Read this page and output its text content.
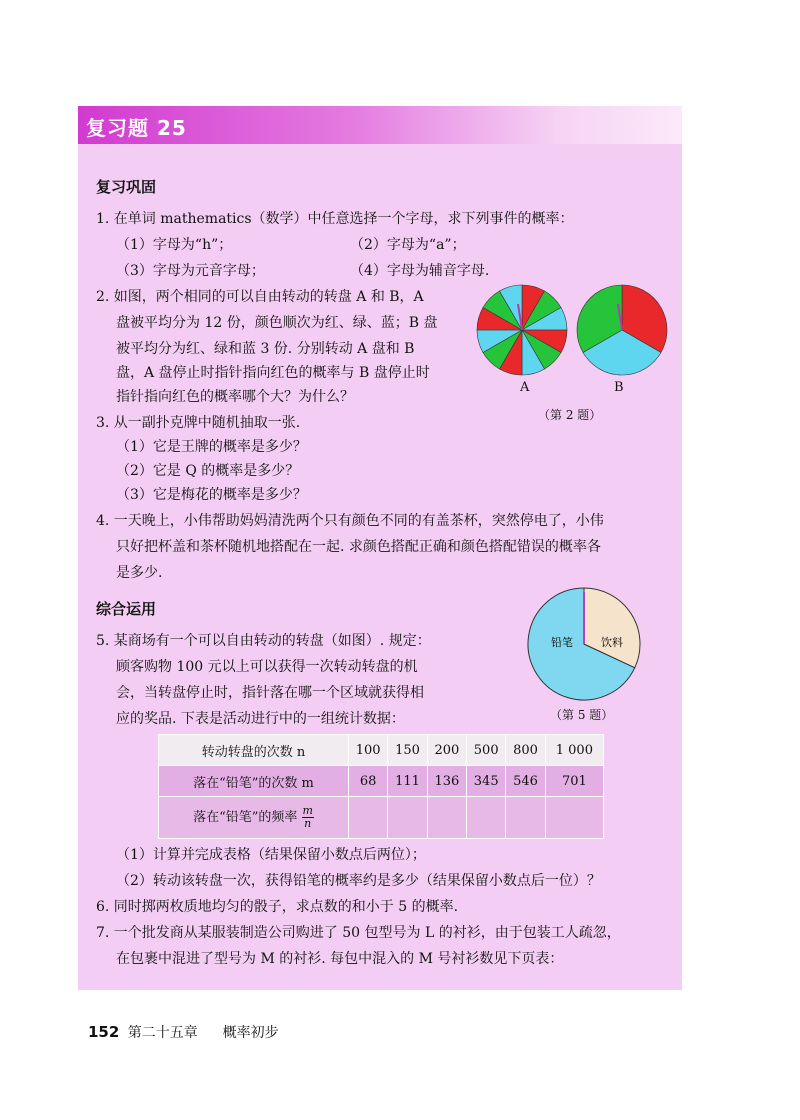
复习题 25
复习巩固
1. 在单词 mathematics（数学）中任意选择一个字母，求下列事件的概率：
（1）字母为“h”；	（2）字母为“a”；
（3）字母为元音字母；	（4）字母为辅音字母.
2. 如图，两个相同的可以自由转动的转盘 A 和 B，A
盘被平均分为 12 份，颜色顺次为红、绿、蓝；B 盘
被平均分为红、绿和蓝 3 份. 分别转动 A 盘和 B
盘，A 盘停止时指针指向红色的概率与 B 盘停止时
指针指向红色的概率哪个大？为什么？
A	B
（第 2 题）
3. 从一副扑克牌中随机抽取一张.
（1）它是王牌的概率是多少？
（2）它是 Q 的概率是多少？
（3）它是梅花的概率是多少？
4. 一天晚上，小伟帮助妈妈清洗两个只有颜色不同的有盖茶杯，突然停电了，小伟
只好把杯盖和茶杯随机地搭配在一起. 求颜色搭配正确和颜色搭配错误的概率各
是多少.
综合运用
5. 某商场有一个可以自由转动的转盘（如图）. 规定：
顾客购物 100 元以上可以获得一次转动转盘的机
会，当转盘停止时，指针落在哪一个区域就获得相
应的奖品. 下表是活动进行中的一组统计数据：
铅笔	饮料
（第 5 题）
转动转盘的次数 n	100	150	200	500	800	1 000
落在“铅笔”的次数 m	68	111	136	345	546	701
落在“铅笔”的频率 $\frac{m}{n}$

（1）计算并完成表格（结果保留小数点后两位）；
（2）转动该转盘一次，获得铅笔的概率约是多少（结果保留小数点后一位）？
6. 同时掷两枚质地均匀的骰子，求点数的和小于 5 的概率.
7. 一个批发商从某服装制造公司购进了 50 包型号为 L 的衬衫，由于包装工人疏忽，
在包裹中混进了型号为 M 的衬衫. 每包中混入的 M 号衬衫数见下页表：
152 第二十五章 概率初步
